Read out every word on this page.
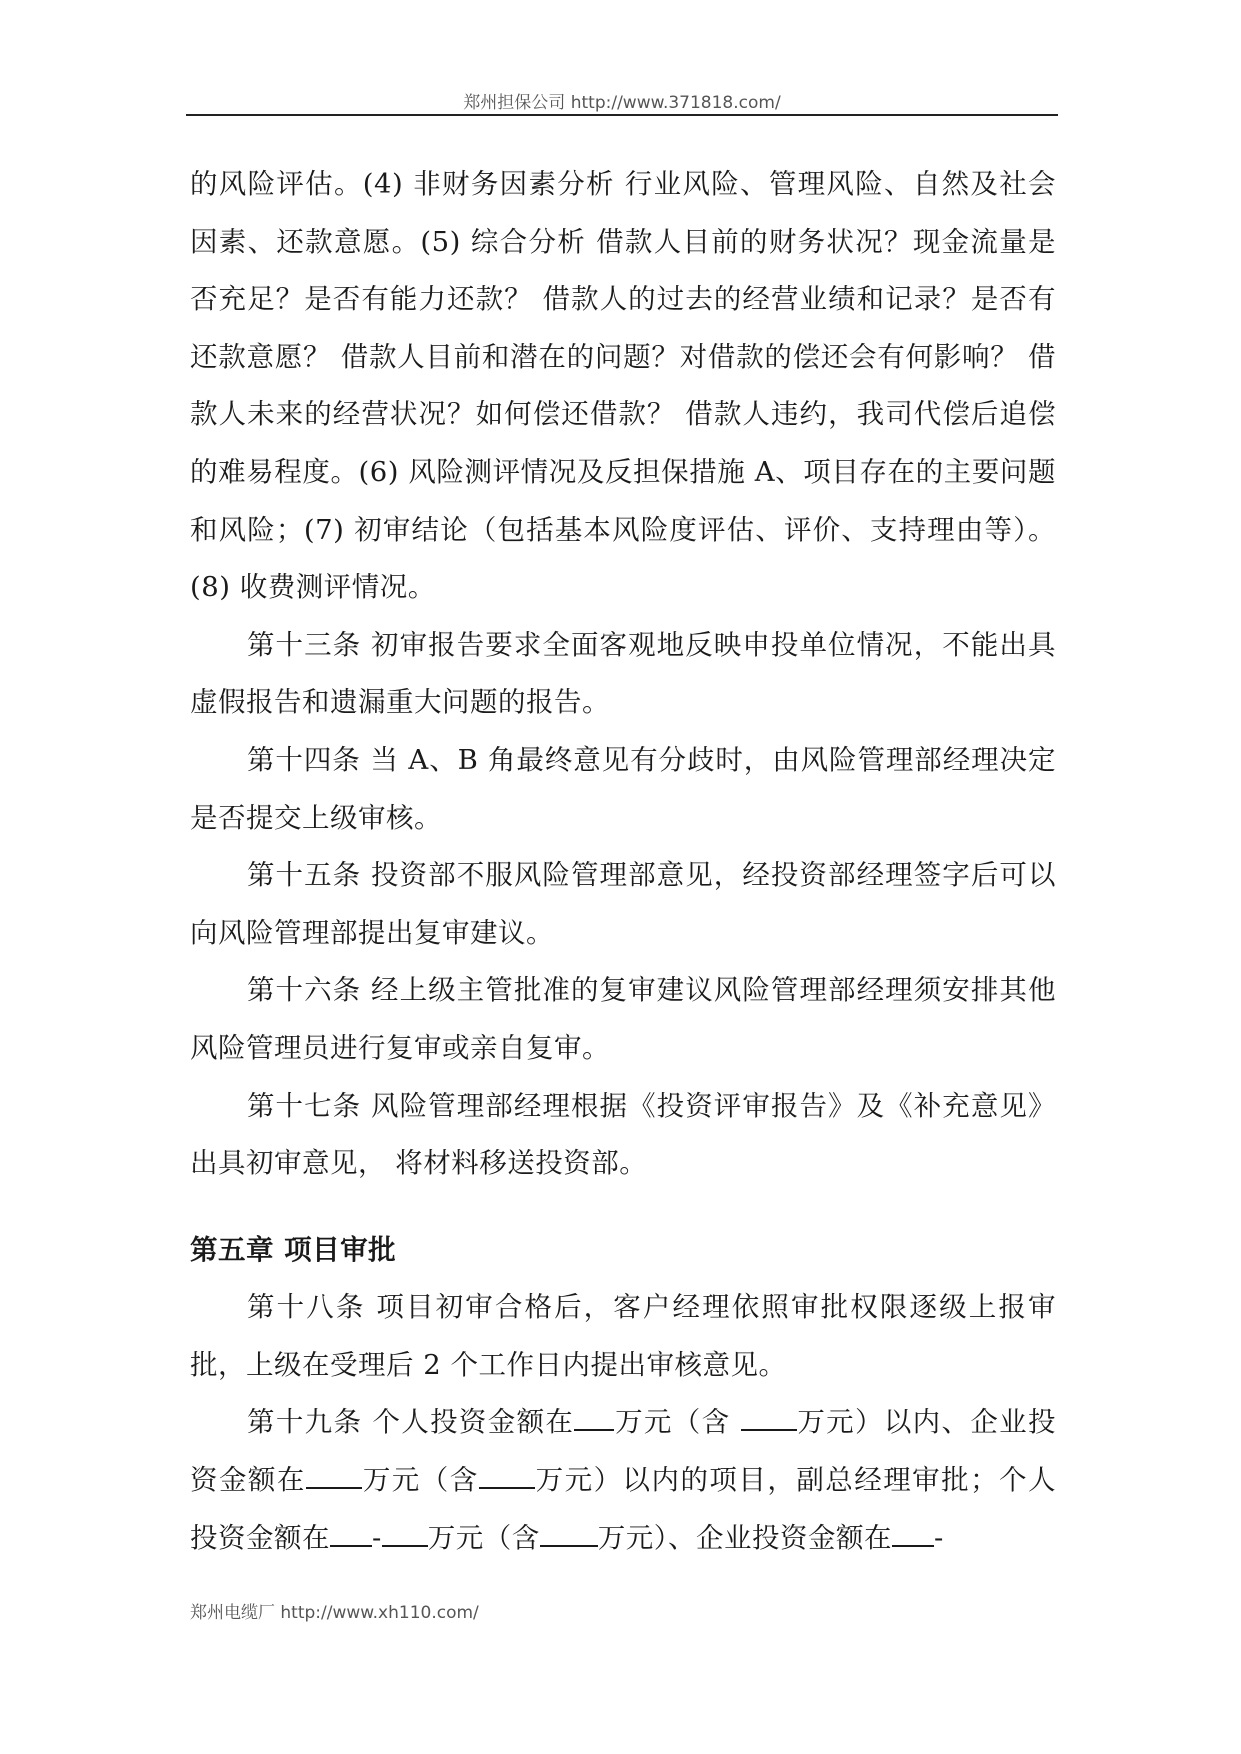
郑州担保公司 http://www.371818.com/

的风险评估。(4) 非财务因素分析 行业风险、管理风险、自然及社会因素、还款意愿。(5) 综合分析 借款人目前的财务状况？现金流量是否充足？是否有能力还款？ 借款人的过去的经营业绩和记录？是否有还款意愿？ 借款人目前和潜在的问题？对借款的偿还会有何影响？ 借款人未来的经营状况？如何偿还借款？ 借款人违约，我司代偿后追偿的难易程度。(6) 风险测评情况及反担保措施 A、项目存在的主要问题和风险；(7) 初审结论（包括基本风险度评估、评价、支持理由等）。(8) 收费测评情况。

第十三条 初审报告要求全面客观地反映申投单位情况，不能出具虚假报告和遗漏重大问题的报告。

第十四条 当 A、B 角最终意见有分歧时，由风险管理部经理决定是否提交上级审核。

第十五条 投资部不服风险管理部意见，经投资部经理签字后可以向风险管理部提出复审建议。

第十六条 经上级主管批准的复审建议风险管理部经理须安排其他风险管理员进行复审或亲自复审。

第十七条 风险管理部经理根据《投资评审报告》及《补充意见》出具初审意见， 将材料移送投资部。

第五章 项目审批

第十八条 项目初审合格后，客户经理依照审批权限逐级上报审批，上级在受理后 2 个工作日内提出审核意见。

第十九条 个人投资金额在 万元（含 万元）以内、企业投资金额在 万元（含 万元）以内的项目，副总经理审批；个人投资金额在 - 万元（含 万元）、企业投资金额在 -

郑州电缆厂 http://www.xh110.com/
